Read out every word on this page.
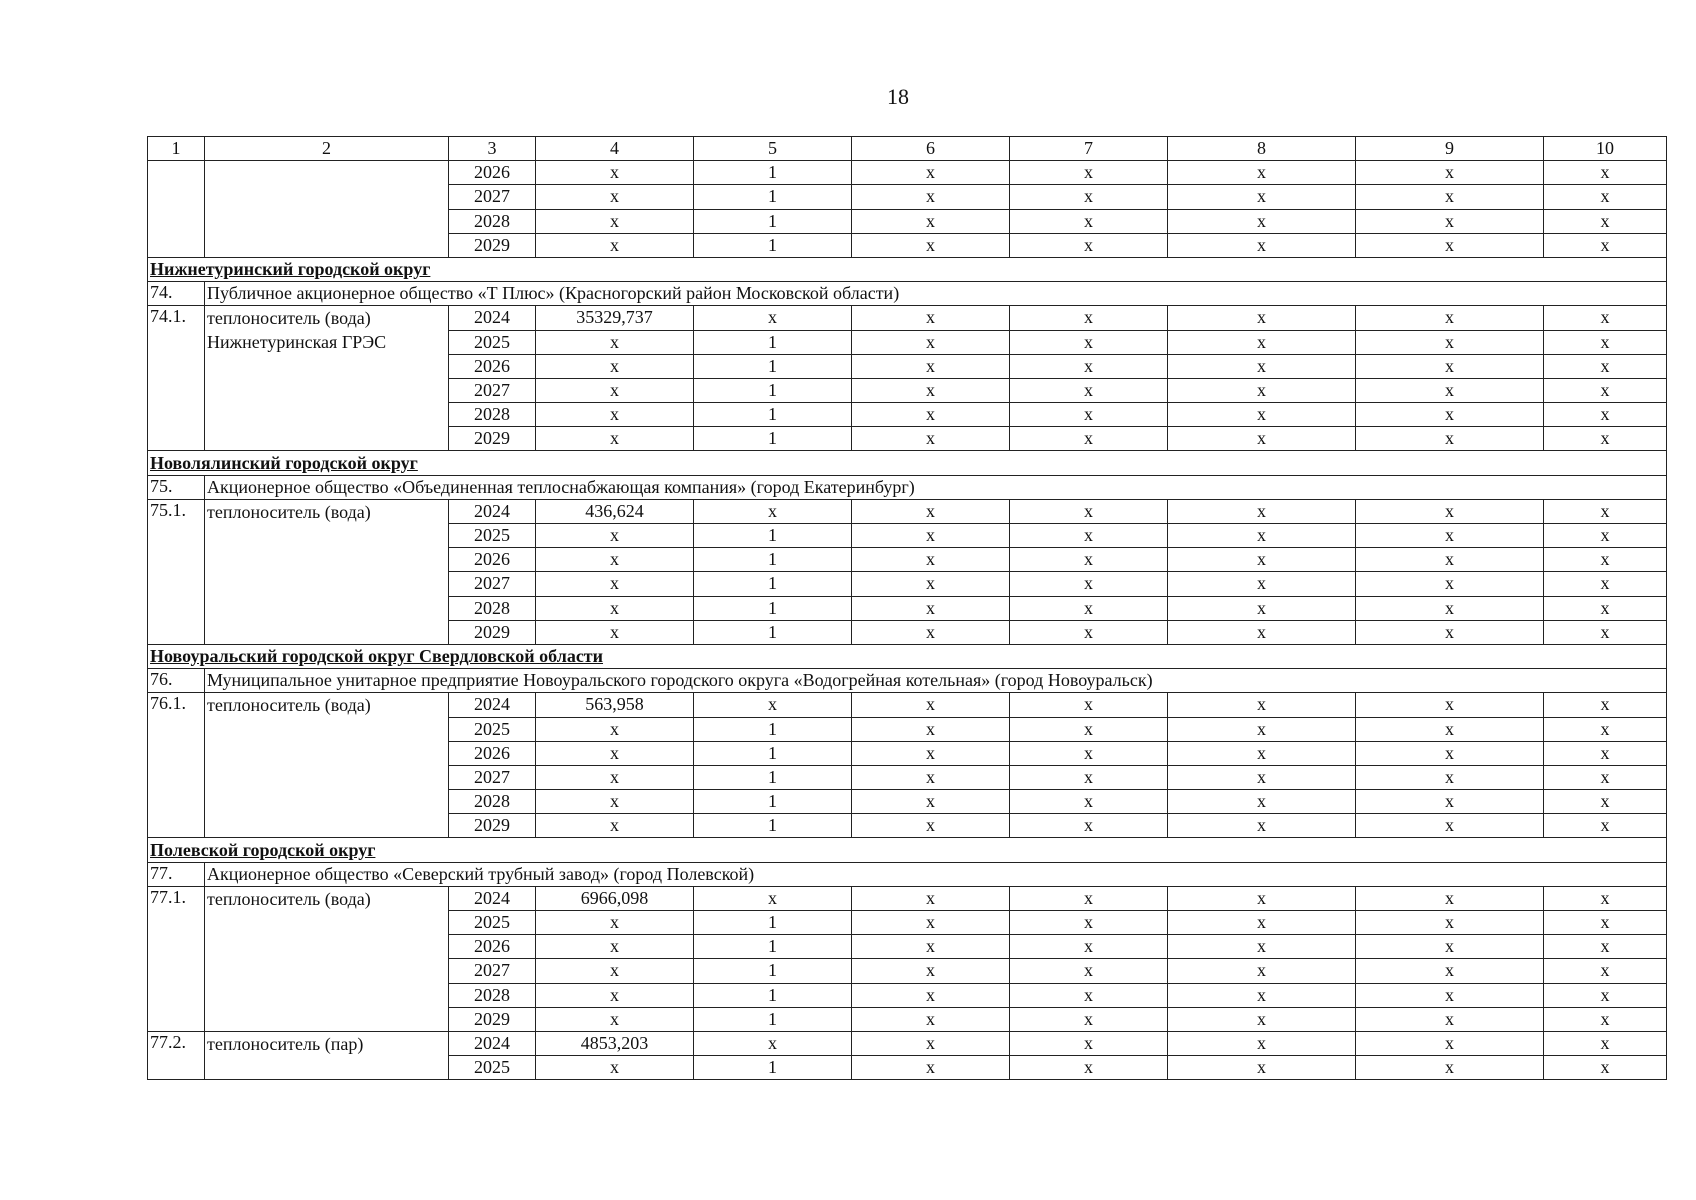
18
1	2	3	4	5	6	7	8	9	10
		2026	х	1	х	х	х	х	х
		2027	х	1	х	х	х	х	х
		2028	х	1	х	х	х	х	х
		2029	х	1	х	х	х	х	х
Нижнетуринский городской округ									
74.	Публичное акционерное общество «Т Плюс» (Красногорский район Московской области)								
74.1.	теплоноситель (вода) Нижнетуринская ГРЭС	2024	35329,737	х	х	х	х	х	х
		2025	х	1	х	х	х	х	х
		2026	х	1	х	х	х	х	х
		2027	х	1	х	х	х	х	х
		2028	х	1	х	х	х	х	х
		2029	х	1	х	х	х	х	х
Новолялинский городской округ									
75.	Акционерное общество «Объединенная теплоснабжающая компания» (город Екатеринбург)								
75.1.	теплоноситель (вода)	2024	436,624	х	х	х	х	х	х
		2025	х	1	х	х	х	х	х
		2026	х	1	х	х	х	х	х
		2027	х	1	х	х	х	х	х
		2028	х	1	х	х	х	х	х
		2029	х	1	х	х	х	х	х
Новоуральский городской округ Свердловской области									
76.	Муниципальное унитарное предприятие Новоуральского городского округа «Водогрейная котельная» (город Новоуральск)								
76.1.	теплоноситель (вода)	2024	563,958	х	х	х	х	х	х
		2025	х	1	х	х	х	х	х
		2026	х	1	х	х	х	х	х
		2027	х	1	х	х	х	х	х
		2028	х	1	х	х	х	х	х
		2029	х	1	х	х	х	х	х
Полевской городской округ									
77.	Акционерное общество «Северский трубный завод» (город Полевской)								
77.1.	теплоноситель (вода)	2024	6966,098	х	х	х	х	х	х
		2025	х	1	х	х	х	х	х
		2026	х	1	х	х	х	х	х
		2027	х	1	х	х	х	х	х
		2028	х	1	х	х	х	х	х
		2029	х	1	х	х	х	х	х
77.2.	теплоноситель (пар)	2024	4853,203	х	х	х	х	х	х
		2025	х	1	х	х	х	х	х
